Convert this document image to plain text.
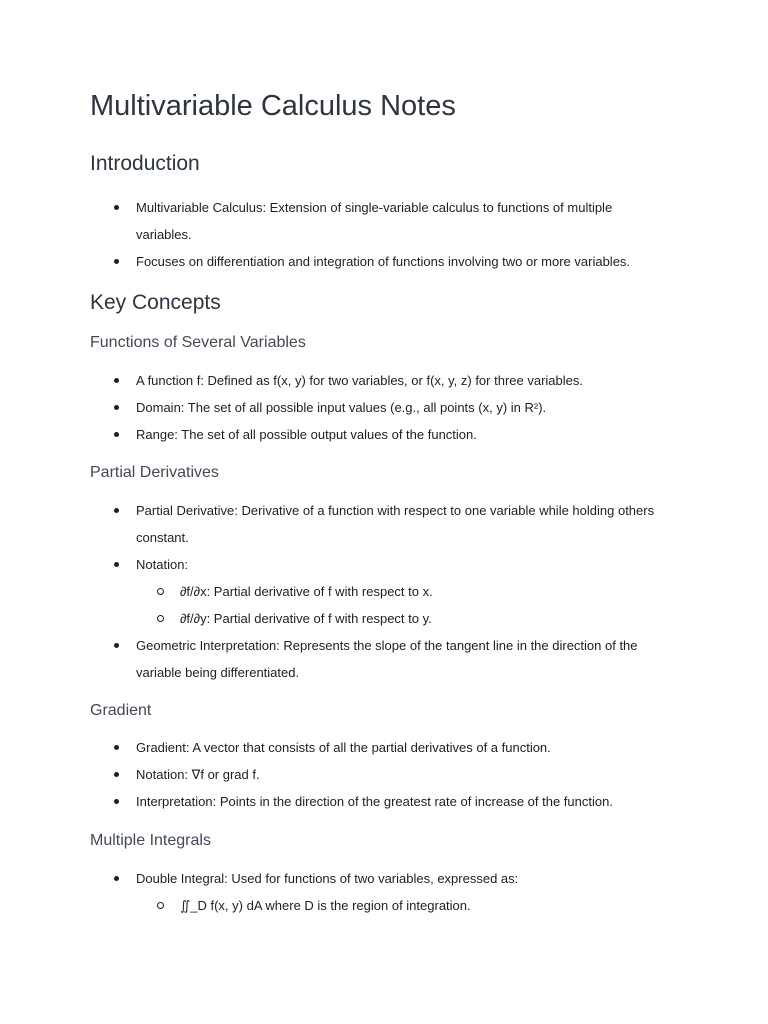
Multivariable Calculus Notes
Introduction
Multivariable Calculus: Extension of single-variable calculus to functions of multiple variables.
Focuses on differentiation and integration of functions involving two or more variables.
Key Concepts
Functions of Several Variables
A function f: Defined as f(x, y) for two variables, or f(x, y, z) for three variables.
Domain: The set of all possible input values (e.g., all points (x, y) in R²).
Range: The set of all possible output values of the function.
Partial Derivatives
Partial Derivative: Derivative of a function with respect to one variable while holding others constant.
Notation:
∂f/∂x: Partial derivative of f with respect to x.
∂f/∂y: Partial derivative of f with respect to y.
Geometric Interpretation: Represents the slope of the tangent line in the direction of the variable being differentiated.
Gradient
Gradient: A vector that consists of all the partial derivatives of a function.
Notation: ∇f or grad f.
Interpretation: Points in the direction of the greatest rate of increase of the function.
Multiple Integrals
Double Integral: Used for functions of two variables, expressed as:
∬_D f(x, y) dA where D is the region of integration.
